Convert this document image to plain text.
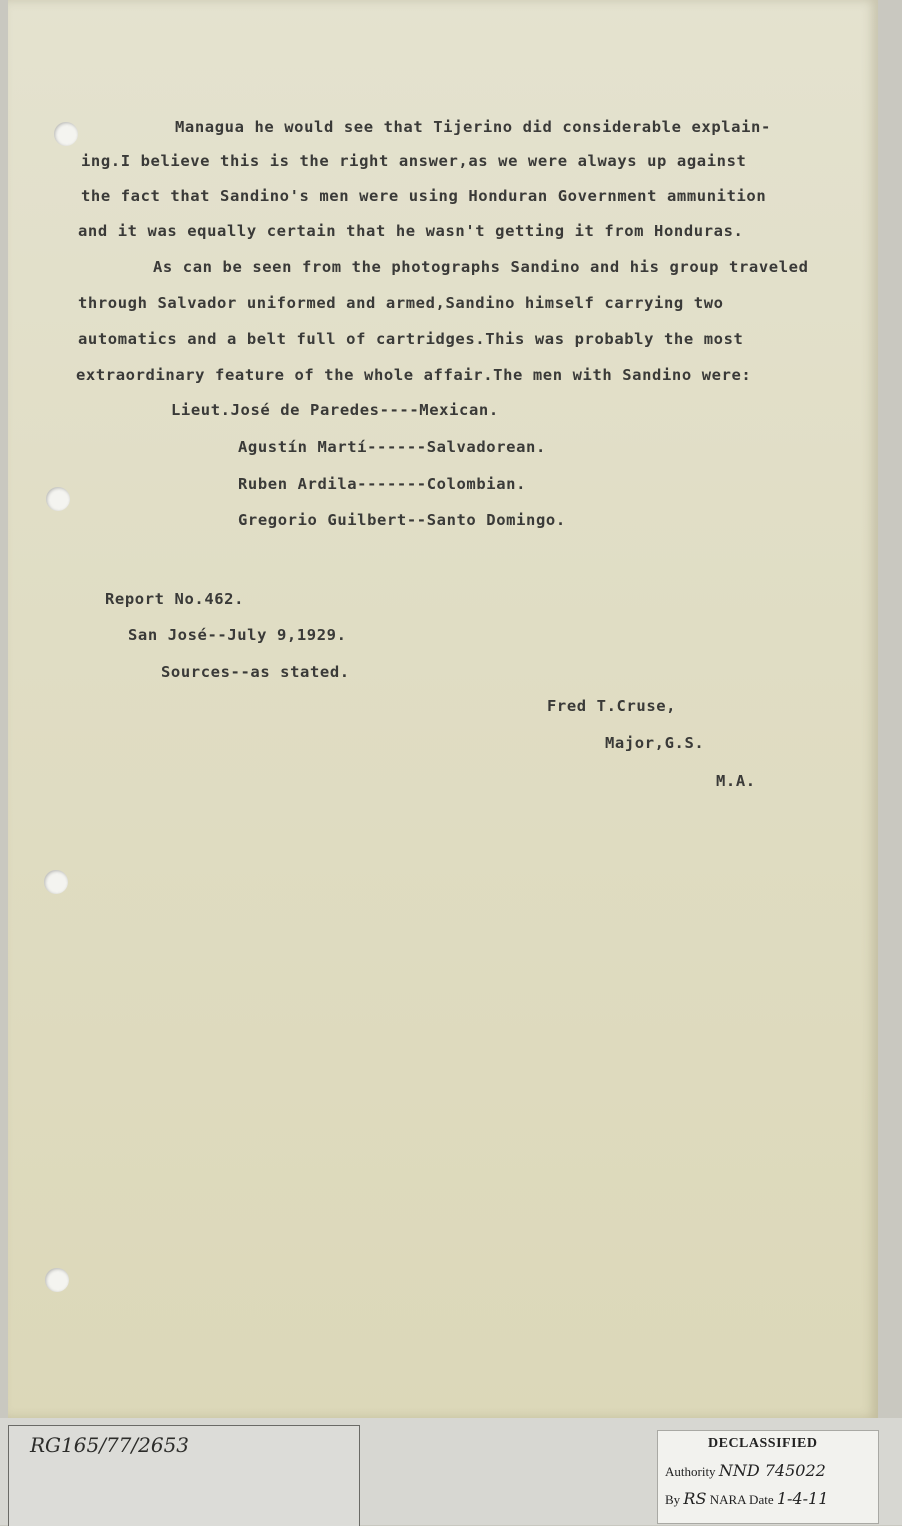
Managua he would see that Tijerino did considerable explain-
ing.I believe this is the right answer,as we were always up against
the fact that Sandino's men were using Honduran Government ammunition
and it was equally certain that he wasn't getting it from Honduras.
As can be seen from the photographs Sandino and his group traveled
through Salvador uniformed and armed,Sandino himself carrying two
automatics and a belt full of cartridges.This was probably the most
extraordinary feature of the whole affair.The men with Sandino were:
Lieut.José de Paredes----Mexican.
Agustín Martí------Salvadorean.
Ruben Ardila-------Colombian.
Gregorio Guilbert--Santo Domingo.
Report No.462.
San José--July 9,1929.
Sources--as stated.
Fred T.Cruse,
Major,G.S.
M.A.
RG165/77/2653	DECLASSIFIED
Authority NND 745022
By RS NARA Date 1-4-11
